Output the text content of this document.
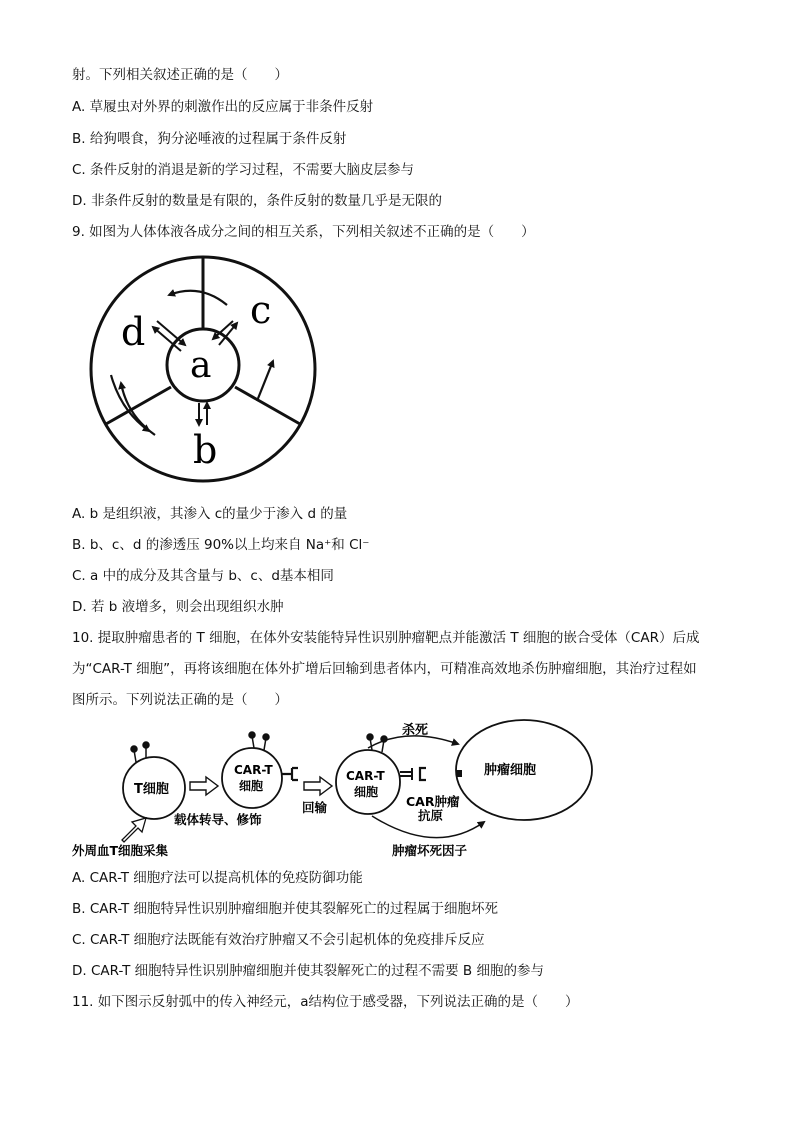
射。下列相关叙述正确的是（　　）
A. 草履虫对外界的刺激作出的反应属于非条件反射
B. 给狗喂食，狗分泌唾液的过程属于条件反射
C. 条件反射的消退是新的学习过程，不需要大脑皮层参与
D. 非条件反射的数量是有限的，条件反射的数量几乎是无限的
9. 如图为人体体液各成分之间的相互关系，下列相关叙述不正确的是（　　）
a
d	c
b
A. b 是组织液，其渗入 c的量少于渗入 d 的量
B. b、c、d 的渗透压 90%以上均来自 Na⁺和 Cl⁻
C. a 中的成分及其含量与 b、c、d基本相同
D. 若 b 液增多，则会出现组织水肿
10. 提取肿瘤患者的 T 细胞，在体外安装能特异性识别肿瘤靶点并能激活 T 细胞的嵌合受体（CAR）后成
为“CAR-T 细胞”，再将该细胞在体外扩增后回输到患者体内，可精准高效地杀伤肿瘤细胞，其治疗过程如
图所示。下列说法正确的是（　　）
T细胞
CAR-T
细胞
CAR-T
细胞
肿瘤细胞
杀死
载体转导、修饰
回输	CAR肿瘤
抗原
肿瘤坏死因子
外周血T细胞采集
A. CAR-T 细胞疗法可以提高机体的免疫防御功能
B. CAR-T 细胞特异性识别肿瘤细胞并使其裂解死亡的过程属于细胞坏死
C. CAR-T 细胞疗法既能有效治疗肿瘤又不会引起机体的免疫排斥反应
D. CAR-T 细胞特异性识别肿瘤细胞并使其裂解死亡的过程不需要 B 细胞的参与
11. 如下图示反射弧中的传入神经元，a结构位于感受器，下列说法正确的是（　　）
